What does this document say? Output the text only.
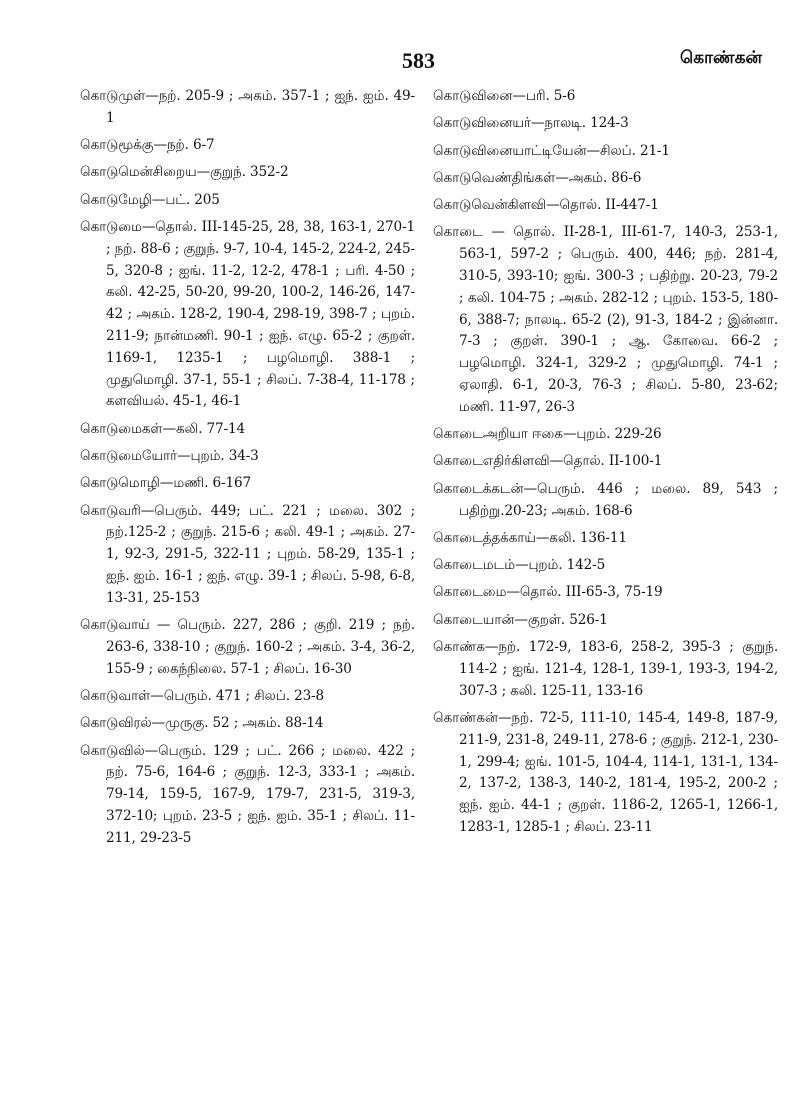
583	கொண்கன்

கொடுமுள்—நற். 205-9 ; அகம். 357-1 ; ஐந். ஐம். 49-1

கொடுமூக்கு—நற். 6-7

கொடுமென்சிறைய—குறுந். 352-2

கொடுமேழி—பட். 205

கொடுமை—தொல். III-145-25, 28, 38, 163-1, 270-1 ; நற். 88-6 ; குறுந். 9-7, 10-4, 145-2, 224-2, 245-5, 320-8 ; ஐங். 11-2, 12-2, 478-1 ; பரி. 4-50 ; கலி. 42-25, 50-20, 99-20, 100-2, 146-26, 147-42 ; அகம். 128-2, 190-4, 298-19, 398-7 ; புறம். 211-9; நான்மணி. 90-1 ; ஐந். எழு. 65-2 ; குறள். 1169-1, 1235-1 ; பழமொழி. 388-1 ; முதுமொழி. 37-1, 55-1 ; சிலப். 7-38-4, 11-178 ; களவியல். 45-1, 46-1

கொடுமைகள்—கலி. 77-14

கொடுமையோர்—புறம். 34-3

கொடுமொழி—மணி. 6-167

கொடுவரி—பெரும். 449; பட். 221 ; மலை. 302 ; நற்.125-2 ; குறுந். 215-6 ; கலி. 49-1 ; அகம். 27-1, 92-3, 291-5, 322-11 ; புறம். 58-29, 135-1 ; ஐந். ஐம். 16-1 ; ஐந். எழு. 39-1 ; சிலப். 5-98, 6-8, 13-31, 25-153

கொடுவாய் — பெரும். 227, 286 ; குறி. 219 ; நற். 263-6, 338-10 ; குறுந். 160-2 ; அகம். 3-4, 36-2, 155-9 ; கைந்நிலை. 57-1 ; சிலப். 16-30

கொடுவாள்—பெரும். 471 ; சிலப். 23-8

கொடுவிரல்—முருகு. 52 ; அகம். 88-14

கொடுவில்—பெரும். 129 ; பட். 266 ; மலை. 422 ; நற். 75-6, 164-6 ; குறுந். 12-3, 333-1 ; அகம். 79-14, 159-5, 167-9, 179-7, 231-5, 319-3, 372-10; புறம். 23-5 ; ஐந். ஐம். 35-1 ; சிலப். 11-211, 29-23-5

கொடுவினை—பரி. 5-6

கொடுவினையர்—நாலடி. 124-3

கொடுவினையாட்டியேன்—சிலப். 21-1

கொடுவெண்திங்கள்—அகம். 86-6

கொடுவென்கிளவி—தொல். II-447-1

கொடை — தொல். II-28-1, III-61-7, 140-3, 253-1, 563-1, 597-2 ; பெரும். 400, 446; நற். 281-4, 310-5, 393-10; ஐங். 300-3 ; பதிற்று. 20-23, 79-2 ; கலி. 104-75 ; அகம். 282-12 ; புறம். 153-5, 180-6, 388-7; நாலடி. 65-2 (2), 91-3, 184-2 ; இன்னா. 7-3 ; குறள். 390-1 ; ஆ. கோவை. 66-2 ; பழமொழி. 324-1, 329-2 ; முதுமொழி. 74-1 ; ஏலாதி. 6-1, 20-3, 76-3 ; சிலப். 5-80, 23-62; மணி. 11-97, 26-3

கொடைஅறியா ஈகை—புறம். 229-26

கொடைஎதிர்கிளவி—தொல். II-100-1

கொடைக்கடன்—பெரும். 446 ; மலை. 89, 543 ; பதிற்று.20-23; அகம். 168-6

கொடைத்தக்காய்—கலி. 136-11

கொடைமடம்—புறம். 142-5

கொடைமை—தொல். III-65-3, 75-19

கொடையான்—குறள். 526-1

கொண்க—நற். 172-9, 183-6, 258-2, 395-3 ; குறுந். 114-2 ; ஐங். 121-4, 128-1, 139-1, 193-3, 194-2, 307-3 ; கலி. 125-11, 133-16

கொண்கன்—நற். 72-5, 111-10, 145-4, 149-8, 187-9, 211-9, 231-8, 249-11, 278-6 ; குறுந். 212-1, 230-1, 299-4; ஐங். 101-5, 104-4, 114-1, 131-1, 134-2, 137-2, 138-3, 140-2, 181-4, 195-2, 200-2 ; ஐந். ஐம். 44-1 ; குறள். 1186-2, 1265-1, 1266-1, 1283-1, 1285-1 ; சிலப். 23-11
